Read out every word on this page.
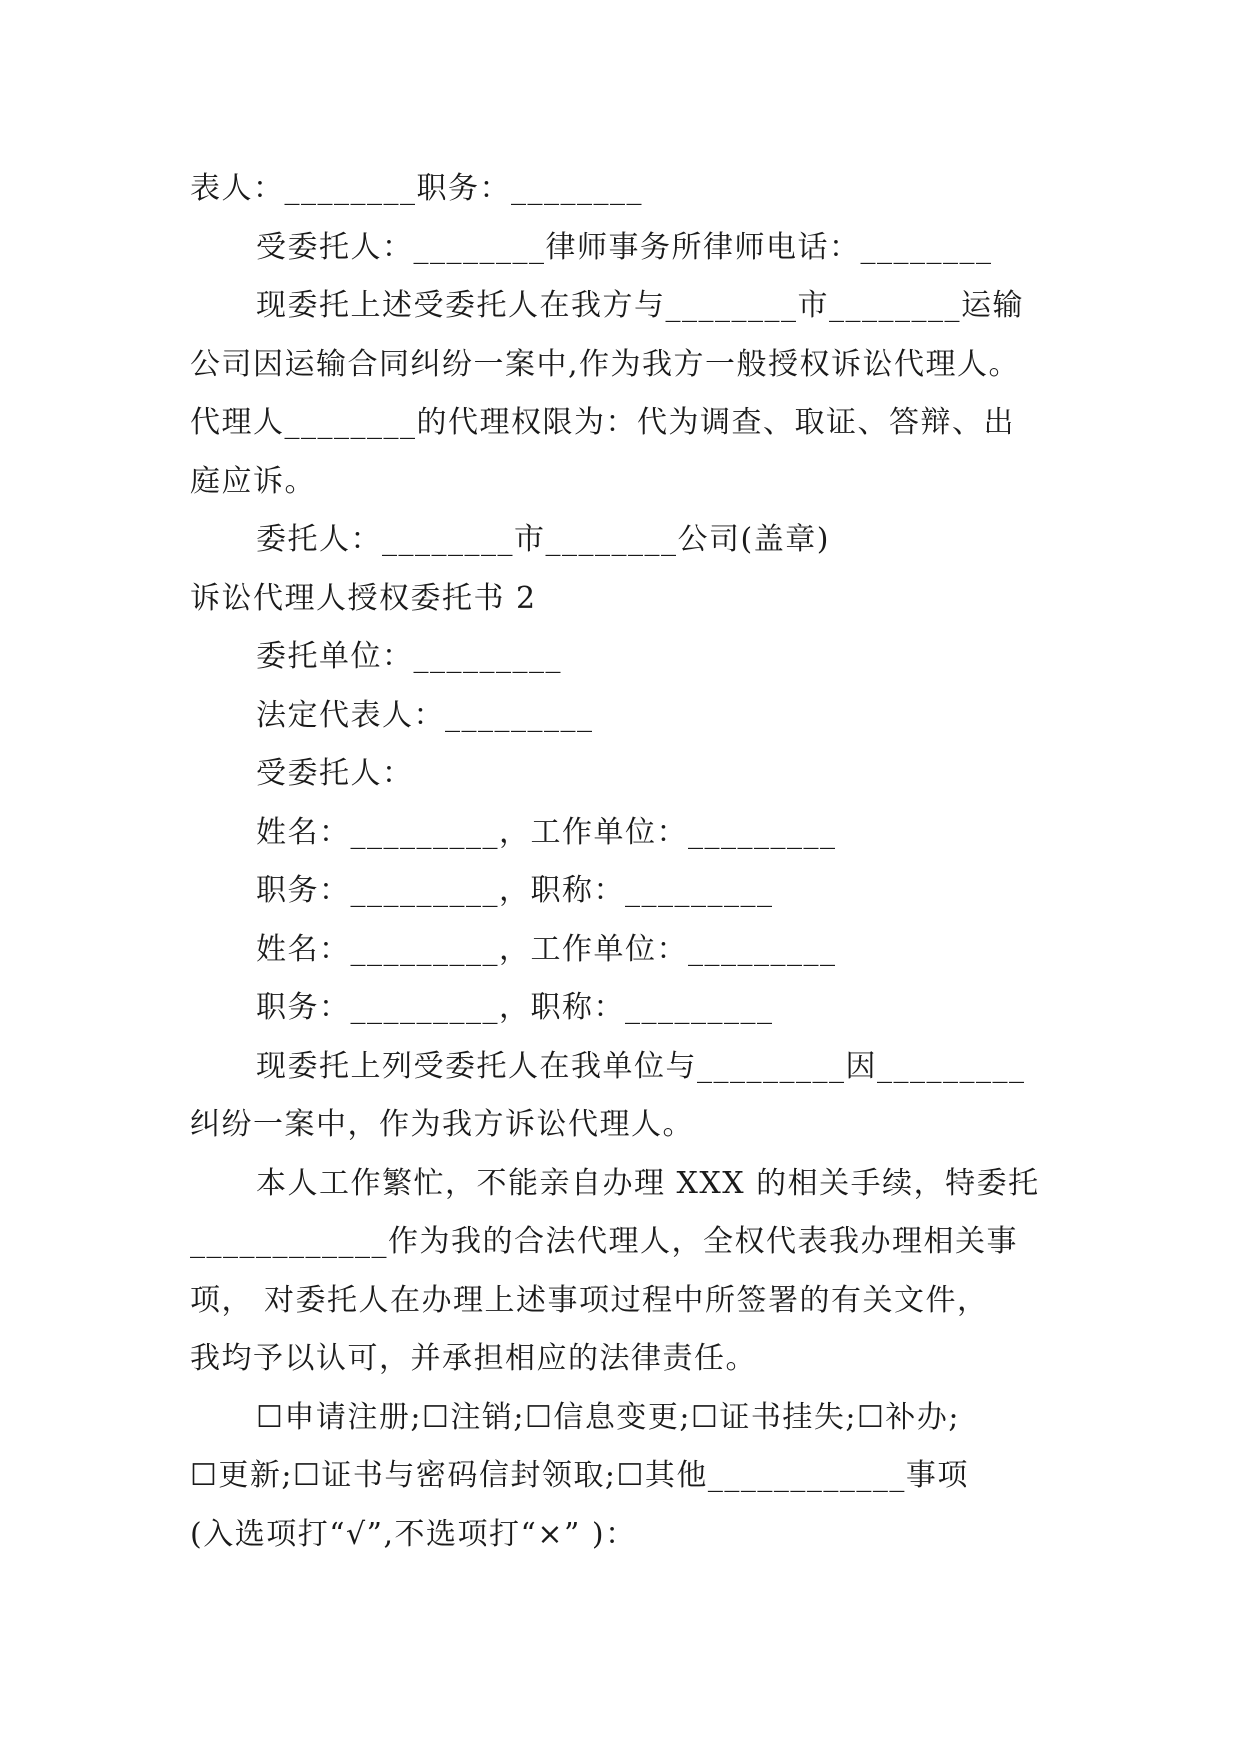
表人：________职务：________
受委托人：________律师事务所律师电话：________
现委托上述受委托人在我方与________市________运输
公司因运输合同纠纷一案中,作为我方一般授权诉讼代理人。
代理人________的代理权限为：代为调查、取证、答辩、出
庭应诉。
委托人：________市________公司(盖章)
诉讼代理人授权委托书 2
委托单位：_________
法定代表人：_________
受委托人：
姓名：_________，工作单位：_________
职务：_________，职称：_________
姓名：_________，工作单位：_________
职务：_________，职称：_________
现委托上列受委托人在我单位与_________因_________
纠纷一案中，作为我方诉讼代理人。
本人工作繁忙，不能亲自办理 XXX 的相关手续，特委托
____________作为我的合法代理人，全权代表我办理相关事
项， 对委托人在办理上述事项过程中所签署的有关文件，
我均予以认可，并承担相应的法律责任。
☐申请注册;☐注销;☐信息变更;☐证书挂失;☐补办;
☐更新;☐证书与密码信封领取;☐其他____________事项
(入选项打“√”,不选项打“×” )：
